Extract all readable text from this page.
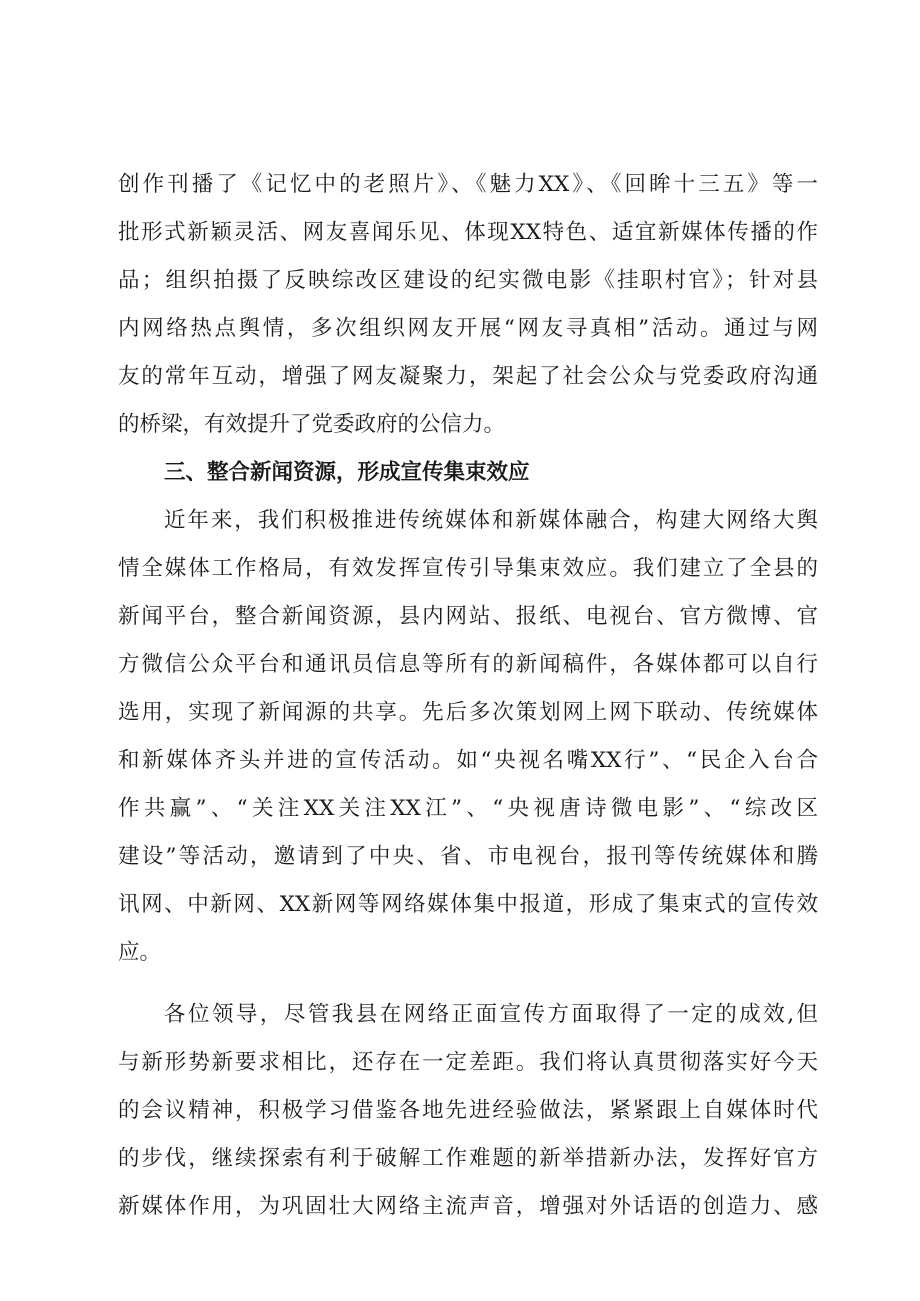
创作刊播了《记忆中的老照片》、《魅力XX》、《回眸十三五》等一
批形式新颖灵活、网友喜闻乐见、体现XX特色、适宜新媒体传播的作
品；组织拍摄了反映综改区建设的纪实微电影《挂职村官》；针对县
内网络热点舆情，多次组织网友开展“网友寻真相”活动。通过与网
友的常年互动，增强了网友凝聚力，架起了社会公众与党委政府沟通
的桥梁，有效提升了党委政府的公信力。
三、整合新闻资源，形成宣传集束效应
近年来，我们积极推进传统媒体和新媒体融合，构建大网络大舆
情全媒体工作格局，有效发挥宣传引导集束效应。我们建立了全县的
新闻平台，整合新闻资源，县内网站、报纸、电视台、官方微博、官
方微信公众平台和通讯员信息等所有的新闻稿件，各媒体都可以自行
选用，实现了新闻源的共享。先后多次策划网上网下联动、传统媒体
和新媒体齐头并进的宣传活动。如“央视名嘴XX行”、“民企入台合
作共赢”、“关注XX关注XX江”、“央视唐诗微电影”、“综改区
建设”等活动，邀请到了中央、省、市电视台，报刊等传统媒体和腾
讯网、中新网、XX新网等网络媒体集中报道，形成了集束式的宣传效
应。
各位领导，尽管我县在网络正面宣传方面取得了一定的成效,但
与新形势新要求相比，还存在一定差距。我们将认真贯彻落实好今天
的会议精神，积极学习借鉴各地先进经验做法，紧紧跟上自媒体时代
的步伐，继续探索有利于破解工作难题的新举措新办法，发挥好官方
新媒体作用，为巩固壮大网络主流声音，增强对外话语的创造力、感
